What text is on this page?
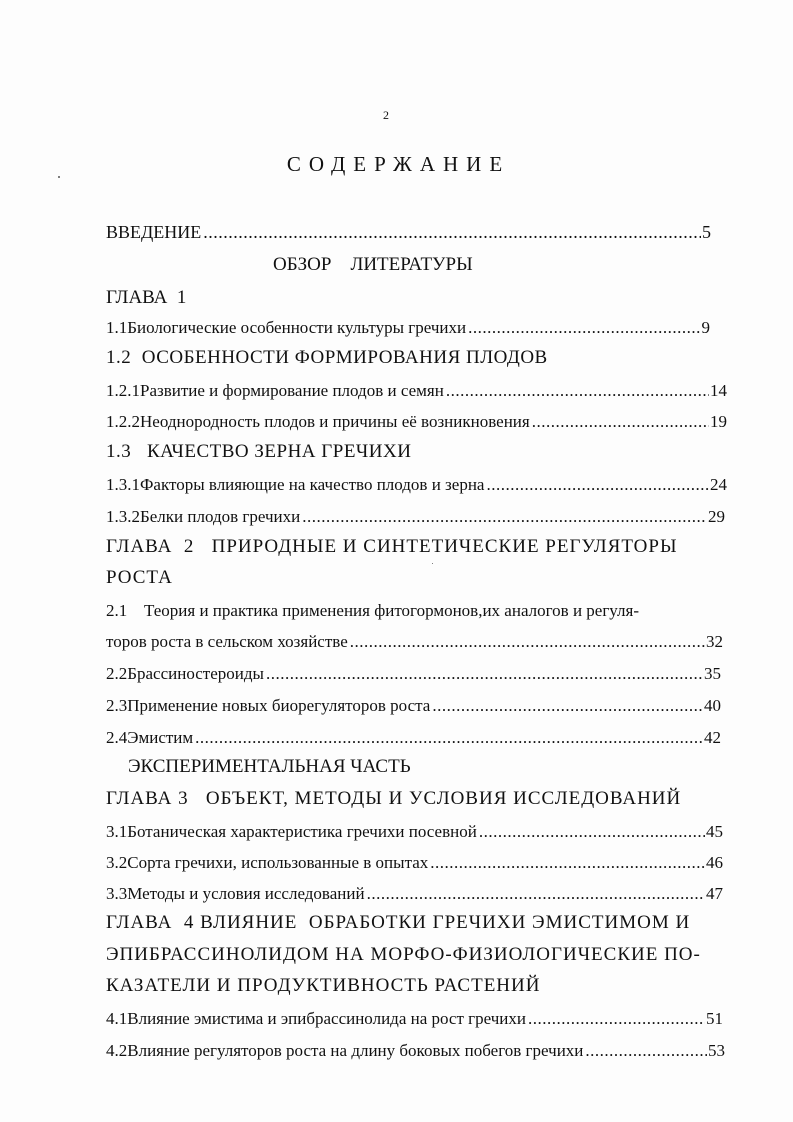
2
СОДЕРЖАНИЕ
ВВЕДЕНИЕ .....	5
ОБЗОР    ЛИТЕРАТУРЫ
ГЛАВА  1
1.1 Биологические особенности культуры гречихи .....	9
1.2  ОСОБЕННОСТИ ФОРМИРОВАНИЯ ПЛОДОВ
1.2.1 Развитие и формирование плодов и семян .....	14
1.2.2 Неоднородность плодов и причины её возникновения .....	19
1.3   КАЧЕСТВО ЗЕРНА ГРЕЧИХИ
1.3.1 Факторы влияющие на качество плодов и зерна .....	24
1.3.2 Белки плодов гречихи .....	29
ГЛАВА  2   ПРИРОДНЫЕ И СИНТЕТИЧЕСКИЕ РЕГУЛЯТОРЫ
РОСТА
2.1 Теория и практика применения фитогормонов,их аналогов и регуля-
торов роста в сельском хозяйстве .....	32
2.2 Брассиностероиды .....	35
2.3 Применение новых биорегуляторов роста .....	40
2.4 Эмистим .....	42
ЭКСПЕРИМЕНТАЛЬНАЯ ЧАСТЬ
ГЛАВА 3   ОБЪЕКТ, МЕТОДЫ И УСЛОВИЯ ИССЛЕДОВАНИЙ
3.1 Ботаническая характеристика гречихи посевной .....	45
3.2 Сорта гречихи, использованные в опытах .....	46
3.3 Методы и условия исследований .....	47
ГЛАВА  4 ВЛИЯНИЕ  ОБРАБОТКИ ГРЕЧИХИ ЭМИСТИМОМ И
ЭПИБРАССИНОЛИДОМ НА МОРФО-ФИЗИОЛОГИЧЕСКИЕ ПО-
КАЗАТЕЛИ И ПРОДУКТИВНОСТЬ РАСТЕНИЙ
4.1 Влияние эмистима и эпибрассинолида на рост гречихи .....	51
4.2 Влияние регуляторов роста на длину боковых побегов гречихи .....	53
